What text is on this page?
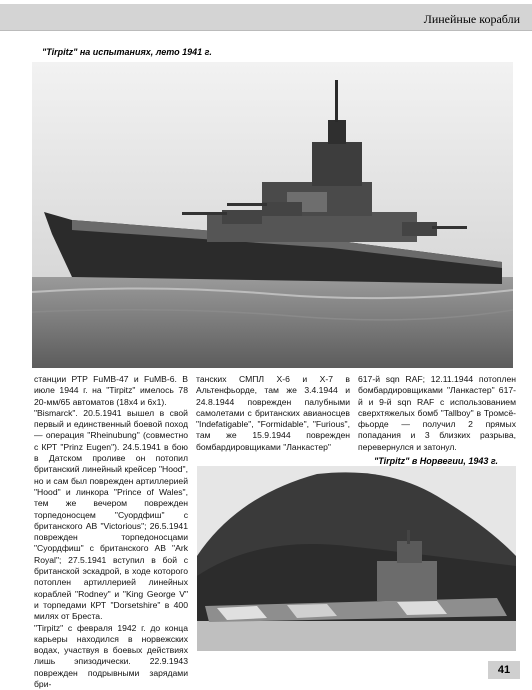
Линейные корабли
"Tirpitz" на испытаниях, лето 1941 г.

станции РТР FuMB-47 и FuMB-6. В июле 1944 г. на "Tirpitz" имелось 78 20-мм/65 автоматов (18x4 и 6x1).
"Bismarck". 20.5.1941 вышел в свой первый и единственный боевой поход — операция "Rheinubung" (совместно с КРТ "Prinz Eugen"). 24.5.1941 в бою в Датском проливе он потопил британский линейный крейсер "Hood", но и сам был поврежден артиллерией "Hood" и линкора "Prince of Wales", тем же вечером поврежден торпедоносцем "Суордфиш" с британского АВ "Victorious"; 26.5.1941 поврежден торпедоносцами "Суордфиш" с британского АВ "Ark Royal"; 27.5.1941 вступил в бой с британской эскадрой, в ходе которого потоплен артиллерией линейных кораблей "Rodney" и "King George V" и торпедами КРТ "Dorsetshire" в 400 милях от Бреста.
"Tirpitz" с февраля 1942 г. до конца карьеры находился в норвежских водах, участвуя в боевых действиях лишь эпизодически. 22.9.1943 поврежден подрывными зарядами бри-

танских СМПЛ Х-6 и Х-7 в Альтенфьорде, там же 3.4.1944 и 24.8.1944 поврежден палубными самолетами с британских авианосцев "Indefatigable", "Formidable", "Furious", там же 15.9.1944 поврежден бомбардировщиками "Ланкастер"

617-й sqn RAF; 12.11.1944 потоплен бомбардировщиками "Ланкастер" 617-й и 9-й sqn RAF с использованием сверхтяжелых бомб "Tallboy" в Тромсё-фьорде — получил 2 прямых попадания и 3 близких разрыва, перевернулся и затонул.

"Tirpitz" в Норвегии, 1943 г.
41
